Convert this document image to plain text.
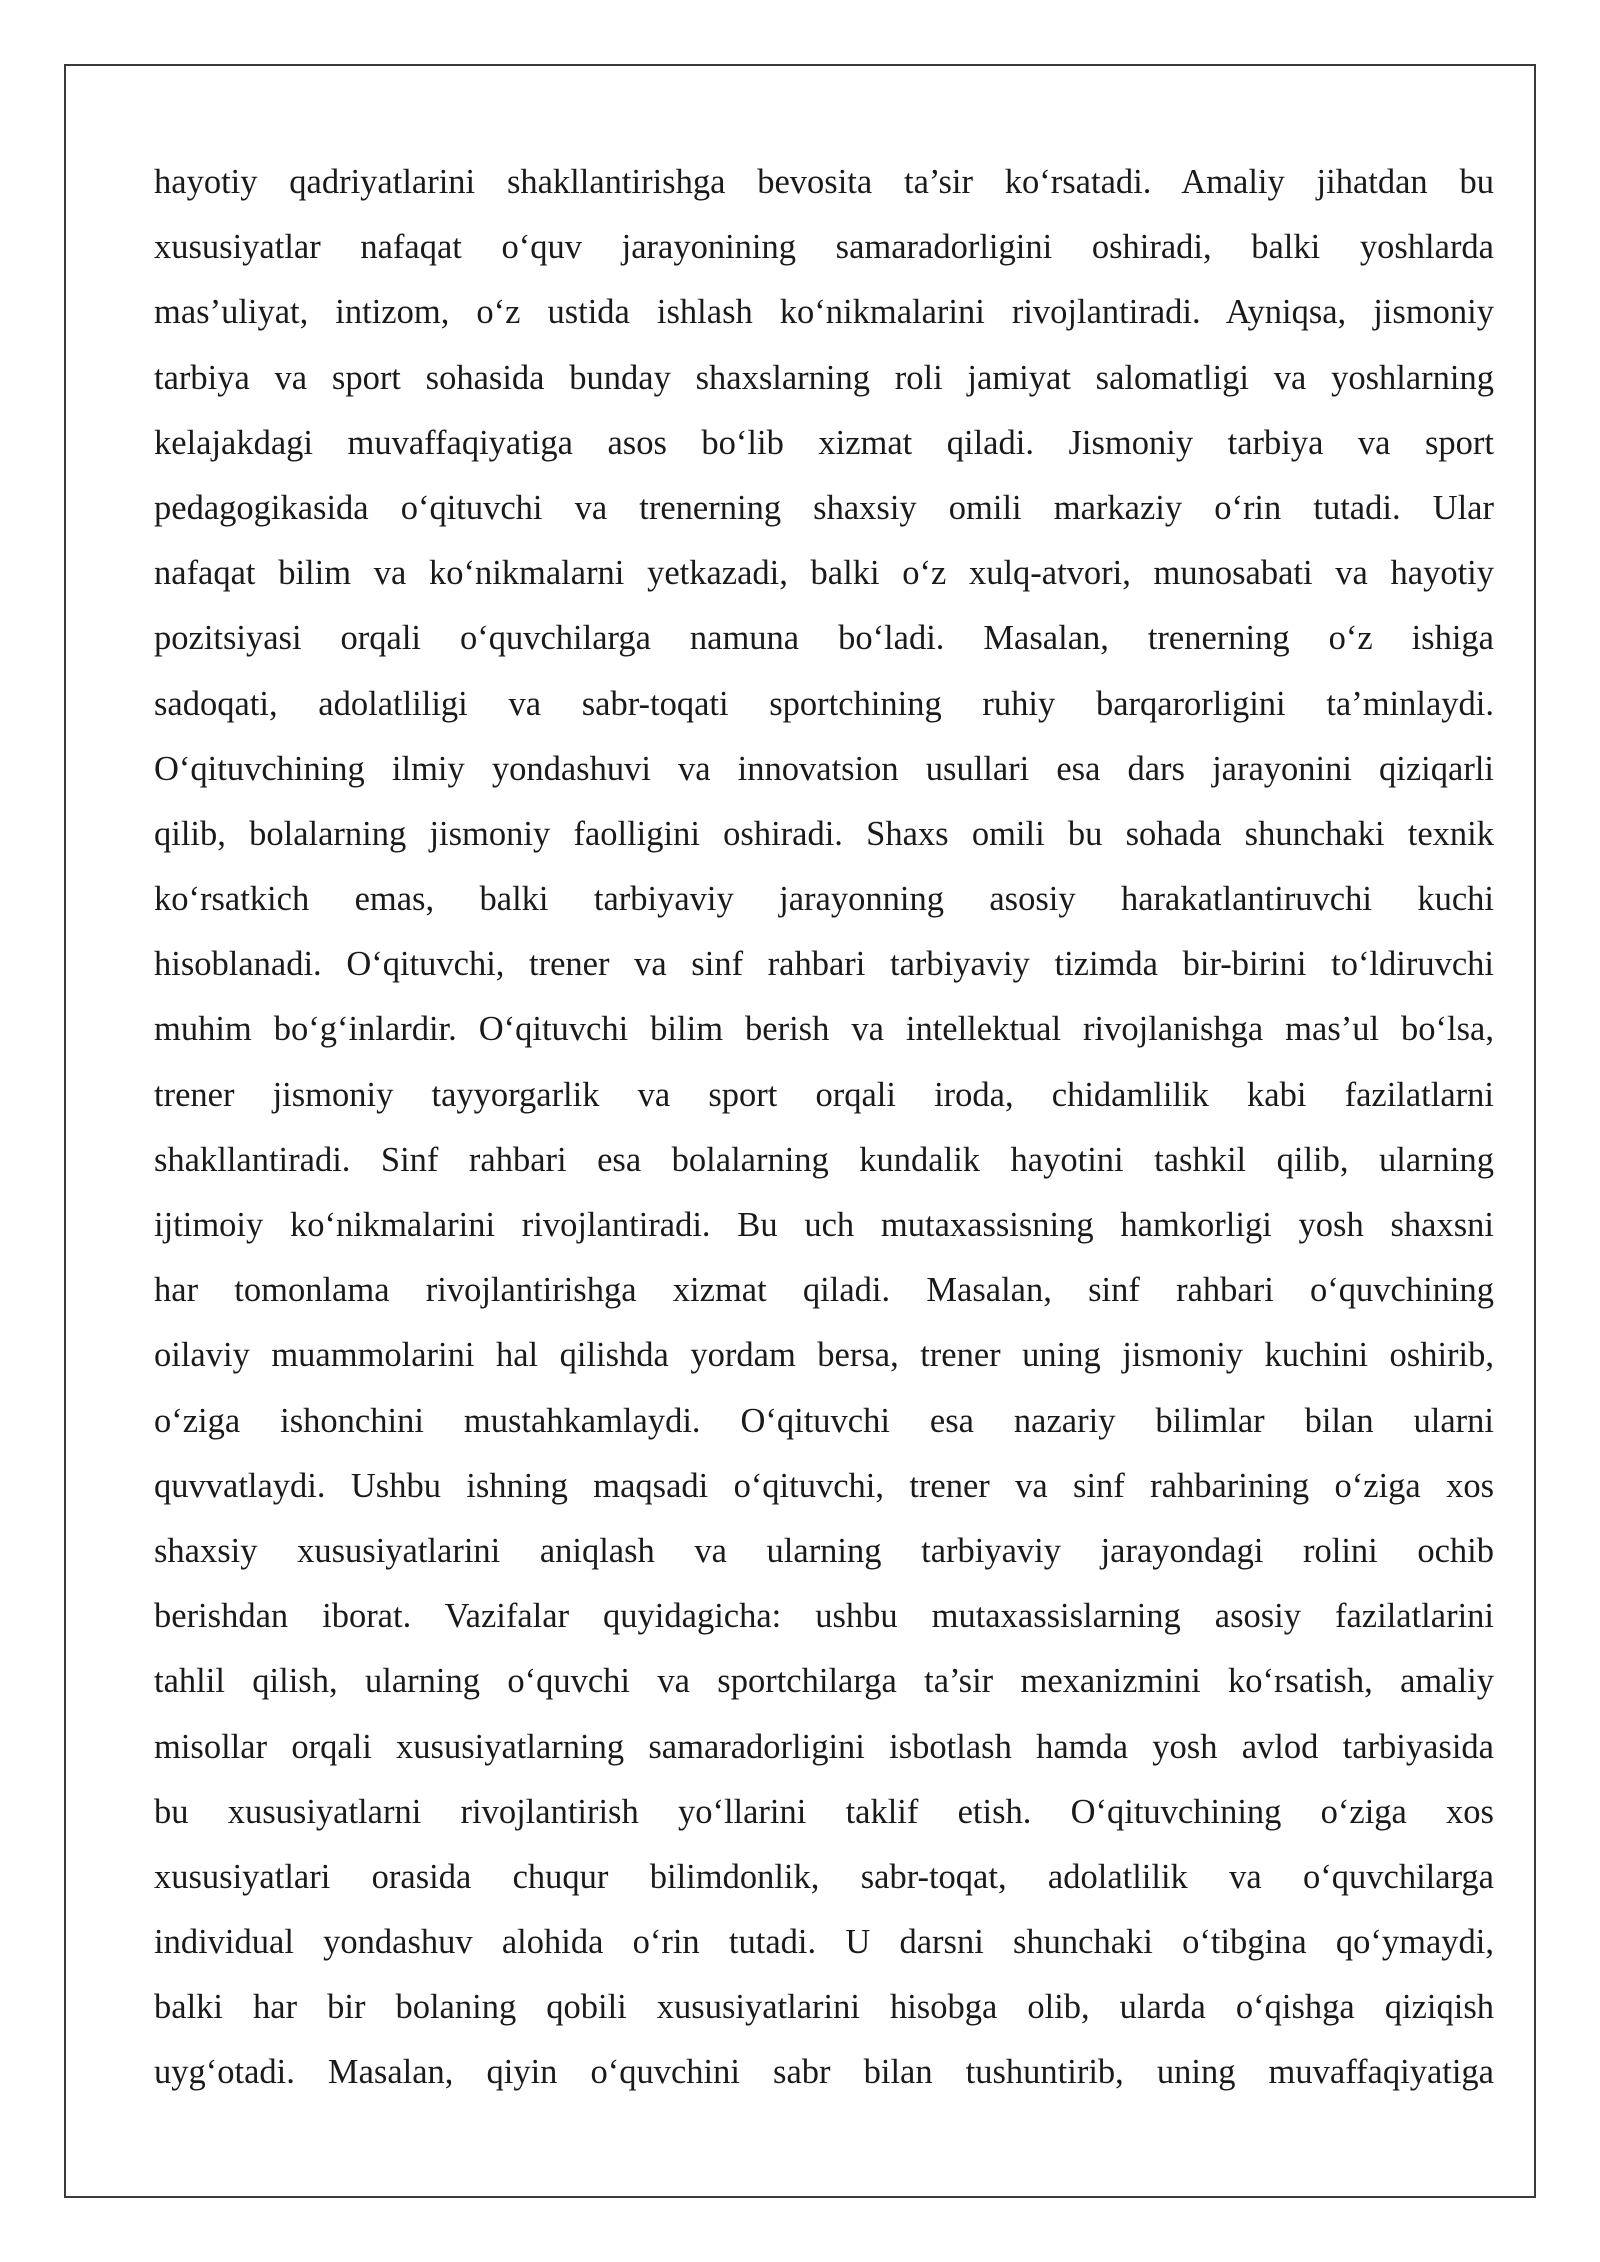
hayotiy qadriyatlarini shakllantirishga bevosita ta’sir ko‘rsatadi. Amaliy jihatdan bu
xususiyatlar nafaqat o‘quv jarayonining samaradorligini oshiradi, balki yoshlarda
mas’uliyat, intizom, o‘z ustida ishlash ko‘nikmalarini rivojlantiradi. Ayniqsa, jismoniy
tarbiya va sport sohasida bunday shaxslarning roli jamiyat salomatligi va yoshlarning
kelajakdagi muvaffaqiyatiga asos bo‘lib xizmat qiladi. Jismoniy tarbiya va sport
pedagogikasida o‘qituvchi va trenerning shaxsiy omili markaziy o‘rin tutadi. Ular
nafaqat bilim va ko‘nikmalarni yetkazadi, balki o‘z xulq-atvori, munosabati va hayotiy
pozitsiyasi orqali o‘quvchilarga namuna bo‘ladi. Masalan, trenerning o‘z ishiga
sadoqati, adolatliligi va sabr-toqati sportchining ruhiy barqarorligini ta’minlaydi.
O‘qituvchining ilmiy yondashuvi va innovatsion usullari esa dars jarayonini qiziqarli
qilib, bolalarning jismoniy faolligini oshiradi. Shaxs omili bu sohada shunchaki texnik
ko‘rsatkich emas, balki tarbiyaviy jarayonning asosiy harakatlantiruvchi kuchi
hisoblanadi. O‘qituvchi, trener va sinf rahbari tarbiyaviy tizimda bir-birini to‘ldiruvchi
muhim bo‘g‘inlardir. O‘qituvchi bilim berish va intellektual rivojlanishga mas’ul bo‘lsa,
trener jismoniy tayyorgarlik va sport orqali iroda, chidamlilik kabi fazilatlarni
shakllantiradi. Sinf rahbari esa bolalarning kundalik hayotini tashkil qilib, ularning
ijtimoiy ko‘nikmalarini rivojlantiradi. Bu uch mutaxassisning hamkorligi yosh shaxsni
har tomonlama rivojlantirishga xizmat qiladi. Masalan, sinf rahbari o‘quvchining
oilaviy muammolarini hal qilishda yordam bersa, trener uning jismoniy kuchini oshirib,
o‘ziga ishonchini mustahkamlaydi. O‘qituvchi esa nazariy bilimlar bilan ularni
quvvatlaydi. Ushbu ishning maqsadi o‘qituvchi, trener va sinf rahbarining o‘ziga xos
shaxsiy xususiyatlarini aniqlash va ularning tarbiyaviy jarayondagi rolini ochib
berishdan iborat. Vazifalar quyidagicha: ushbu mutaxassislarning asosiy fazilatlarini
tahlil qilish, ularning o‘quvchi va sportchilarga ta’sir mexanizmini ko‘rsatish, amaliy
misollar orqali xususiyatlarning samaradorligini isbotlash hamda yosh avlod tarbiyasida
bu xususiyatlarni rivojlantirish yo‘llarini taklif etish. O‘qituvchining o‘ziga xos
xususiyatlari orasida chuqur bilimdonlik, sabr-toqat, adolatlilik va o‘quvchilarga
individual yondashuv alohida o‘rin tutadi. U darsni shunchaki o‘tibgina qo‘ymaydi,
balki har bir bolaning qobili xususiyatlarini hisobga olib, ularda o‘qishga qiziqish
uyg‘otadi. Masalan, qiyin o‘quvchini sabr bilan tushuntirib, uning muvaffaqiyatiga
